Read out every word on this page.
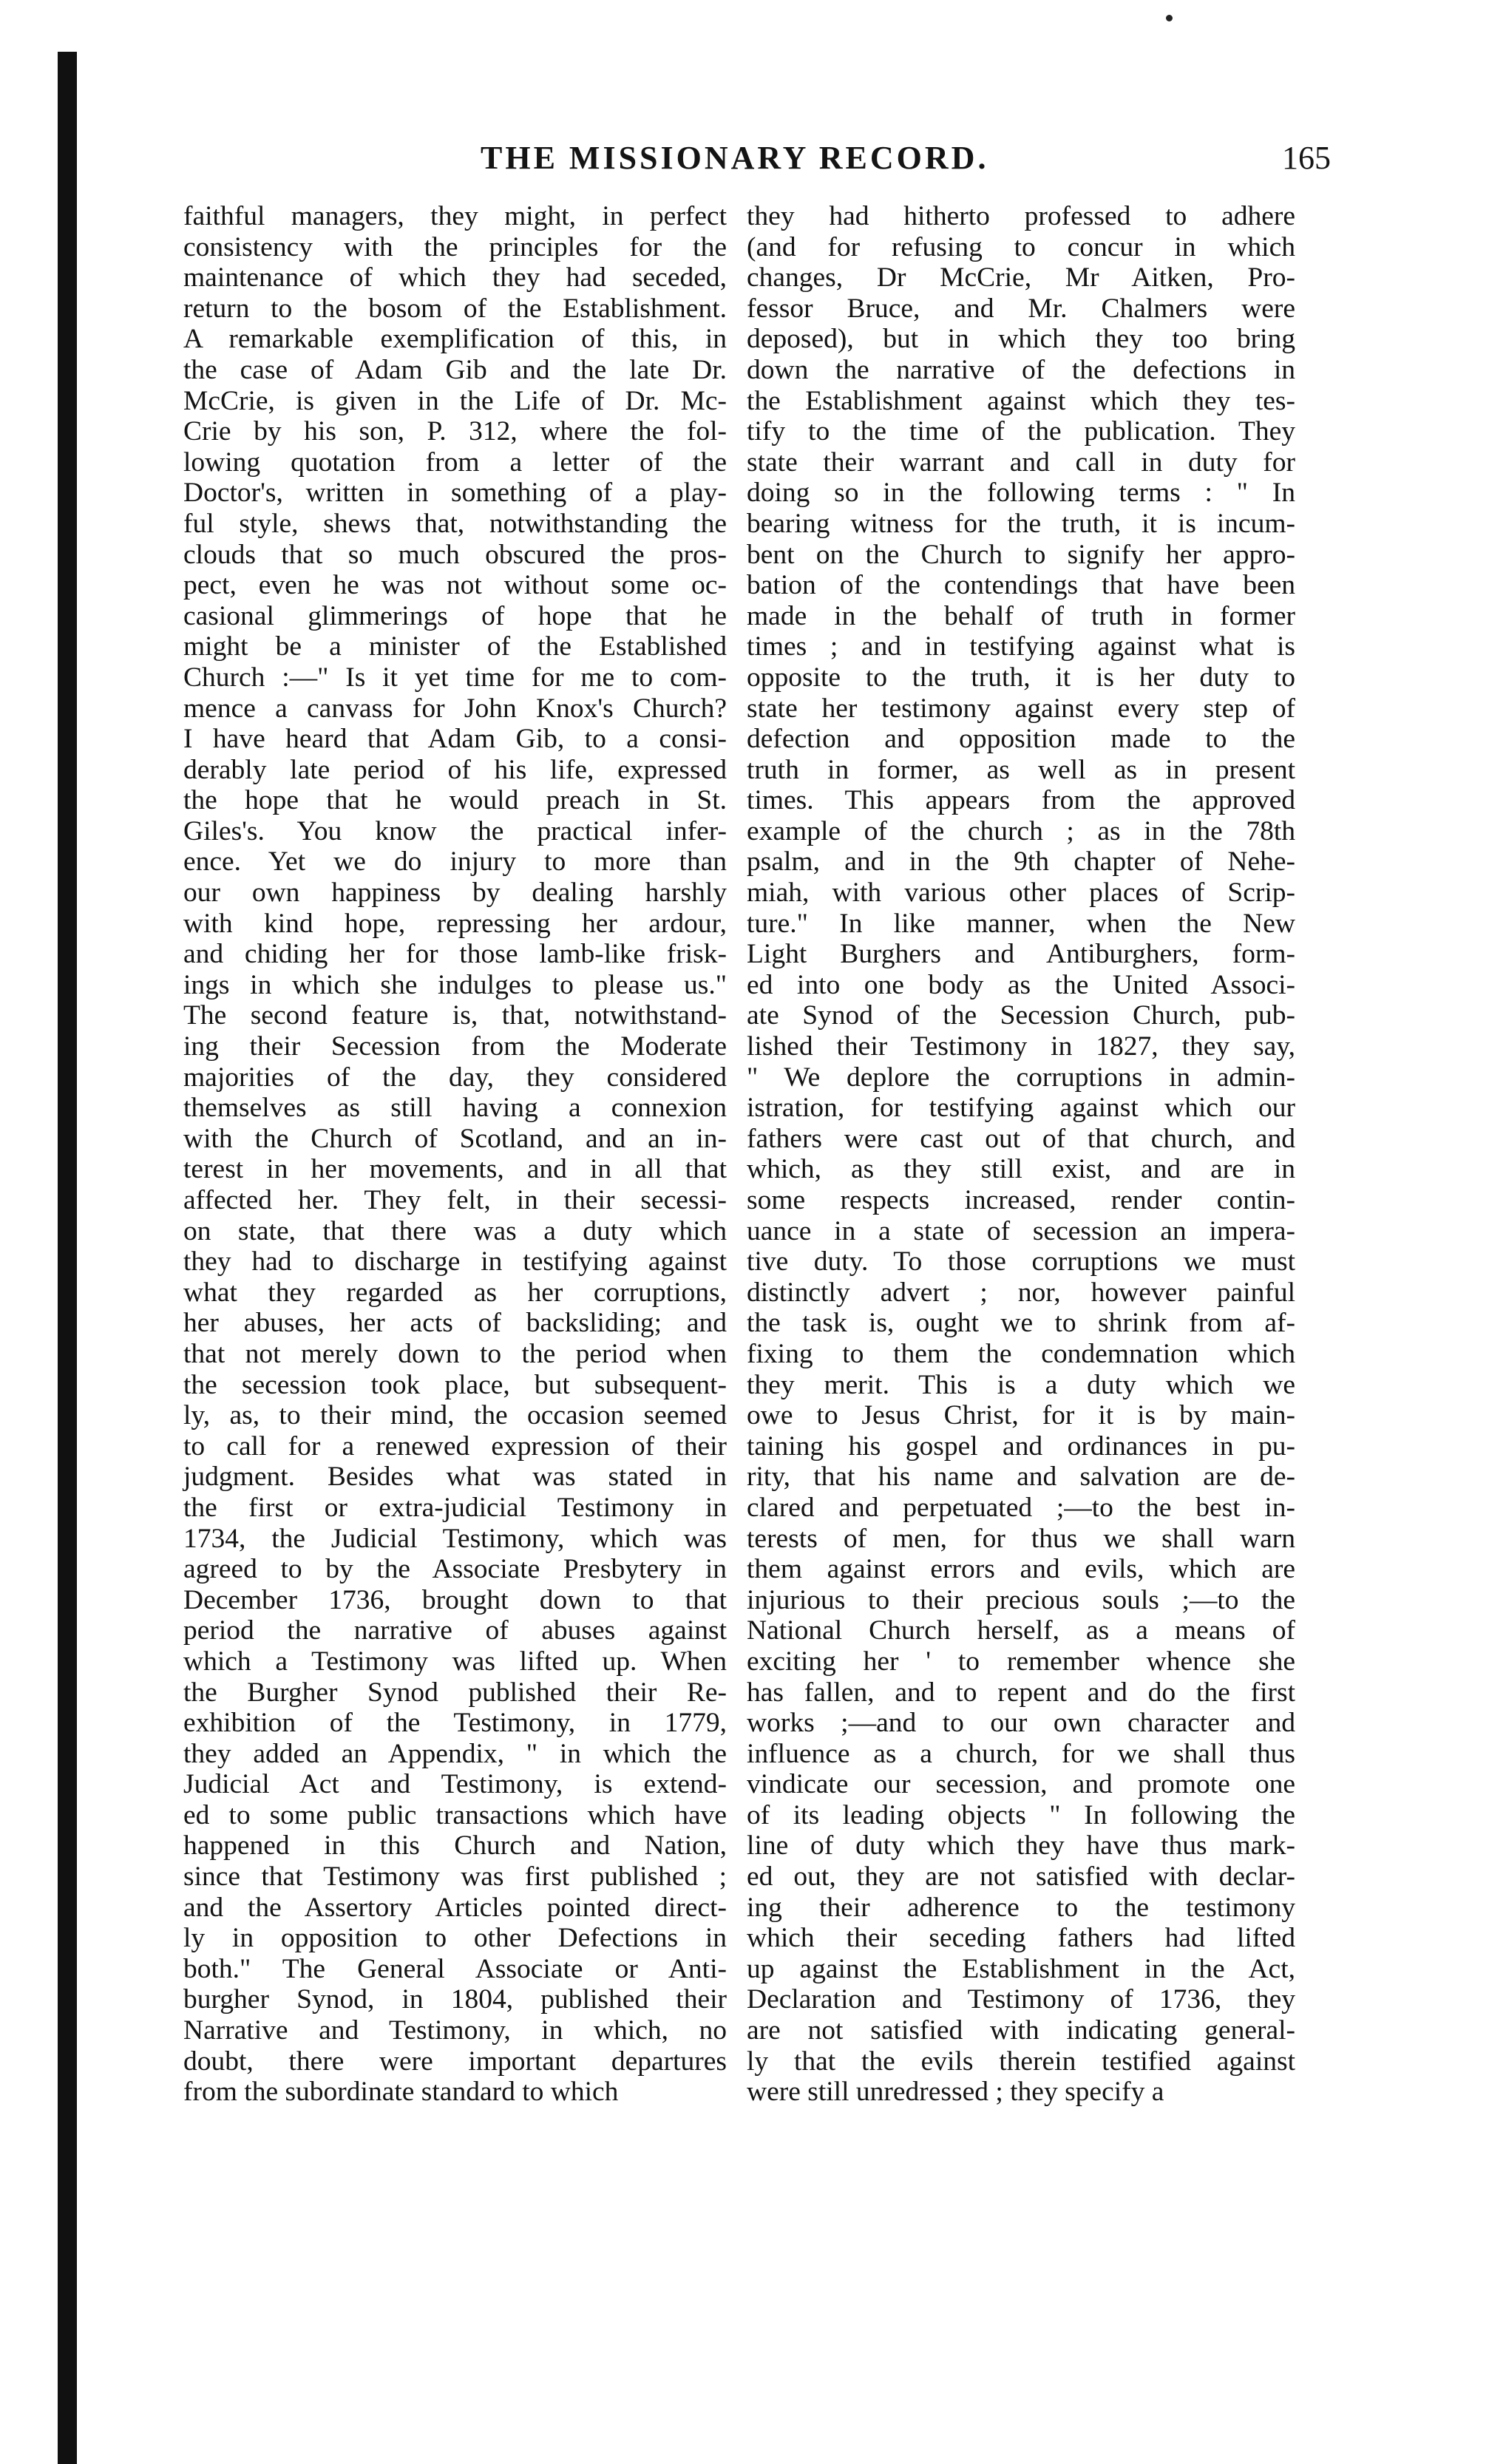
THE MISSIONARY RECORD.	165
faithful managers, they might, in perfect
consistency with the principles for the
maintenance of which they had seceded,
return to the bosom of the Establishment.
A remarkable exemplification of this, in
the case of Adam Gib and the late Dr.
McCrie, is given in the Life of Dr. Mc-
Crie by his son, P. 312, where the fol-
lowing quotation from a letter of the
Doctor's, written in something of a play-
ful style, shews that, notwithstanding the
clouds that so much obscured the pros-
pect, even he was not without some oc-
casional glimmerings of hope that he
might be a minister of the Established
Church :—" Is it yet time for me to com-
mence a canvass for John Knox's Church?
I have heard that Adam Gib, to a consi-
derably late period of his life, expressed
the hope that he would preach in St.
Giles's. You know the practical infer-
ence. Yet we do injury to more than
our own happiness by dealing harshly
with kind hope, repressing her ardour,
and chiding her for those lamb-like frisk-
ings in which she indulges to please us."
The second feature is, that, notwithstand-
ing their Secession from the Moderate
majorities of the day, they considered
themselves as still having a connexion
with the Church of Scotland, and an in-
terest in her movements, and in all that
affected her. They felt, in their secessi-
on state, that there was a duty which
they had to discharge in testifying against
what they regarded as her corruptions,
her abuses, her acts of backsliding; and
that not merely down to the period when
the secession took place, but subsequent-
ly, as, to their mind, the occasion seemed
to call for a renewed expression of their
judgment. Besides what was stated in
the first or extra-judicial Testimony in
1734, the Judicial Testimony, which was
agreed to by the Associate Presbytery in
December 1736, brought down to that
period the narrative of abuses against
which a Testimony was lifted up. When
the Burgher Synod published their Re-
exhibition of the Testimony, in 1779,
they added an Appendix, " in which the
Judicial Act and Testimony, is extend-
ed to some public transactions which have
happened in this Church and Nation,
since that Testimony was first published ;
and the Assertory Articles pointed direct-
ly in opposition to other Defections in
both." The General Associate or Anti-
burgher Synod, in 1804, published their
Narrative and Testimony, in which, no
doubt, there were important departures
from the subordinate standard to which
they had hitherto professed to adhere
(and for refusing to concur in which
changes, Dr McCrie, Mr Aitken, Pro-
fessor Bruce, and Mr. Chalmers were
deposed), but in which they too bring
down the narrative of the defections in
the Establishment against which they tes-
tify to the time of the publication. They
state their warrant and call in duty for
doing so in the following terms : " In
bearing witness for the truth, it is incum-
bent on the Church to signify her appro-
bation of the contendings that have been
made in the behalf of truth in former
times ; and in testifying against what is
opposite to the truth, it is her duty to
state her testimony against every step of
defection and opposition made to the
truth in former, as well as in present
times. This appears from the approved
example of the church ; as in the 78th
psalm, and in the 9th chapter of Nehe-
miah, with various other places of Scrip-
ture." In like manner, when the New
Light Burghers and Antiburghers, form-
ed into one body as the United Associ-
ate Synod of the Secession Church, pub-
lished their Testimony in 1827, they say,
" We deplore the corruptions in admin-
istration, for testifying against which our
fathers were cast out of that church, and
which, as they still exist, and are in
some respects increased, render contin-
uance in a state of secession an impera-
tive duty. To those corruptions we must
distinctly advert ; nor, however painful
the task is, ought we to shrink from af-
fixing to them the condemnation which
they merit. This is a duty which we
owe to Jesus Christ, for it is by main-
taining his gospel and ordinances in pu-
rity, that his name and salvation are de-
clared and perpetuated ;—to the best in-
terests of men, for thus we shall warn
them against errors and evils, which are
injurious to their precious souls ;—to the
National Church herself, as a means of
exciting her ' to remember whence she
has fallen, and to repent and do the first
works ;—and to our own character and
influence as a church, for we shall thus
vindicate our secession, and promote one
of its leading objects " In following the
line of duty which they have thus mark-
ed out, they are not satisfied with declar-
ing their adherence to the testimony
which their seceding fathers had lifted
up against the Establishment in the Act,
Declaration and Testimony of 1736, they
are not satisfied with indicating general-
ly that the evils therein testified against
were still unredressed ; they specify a
